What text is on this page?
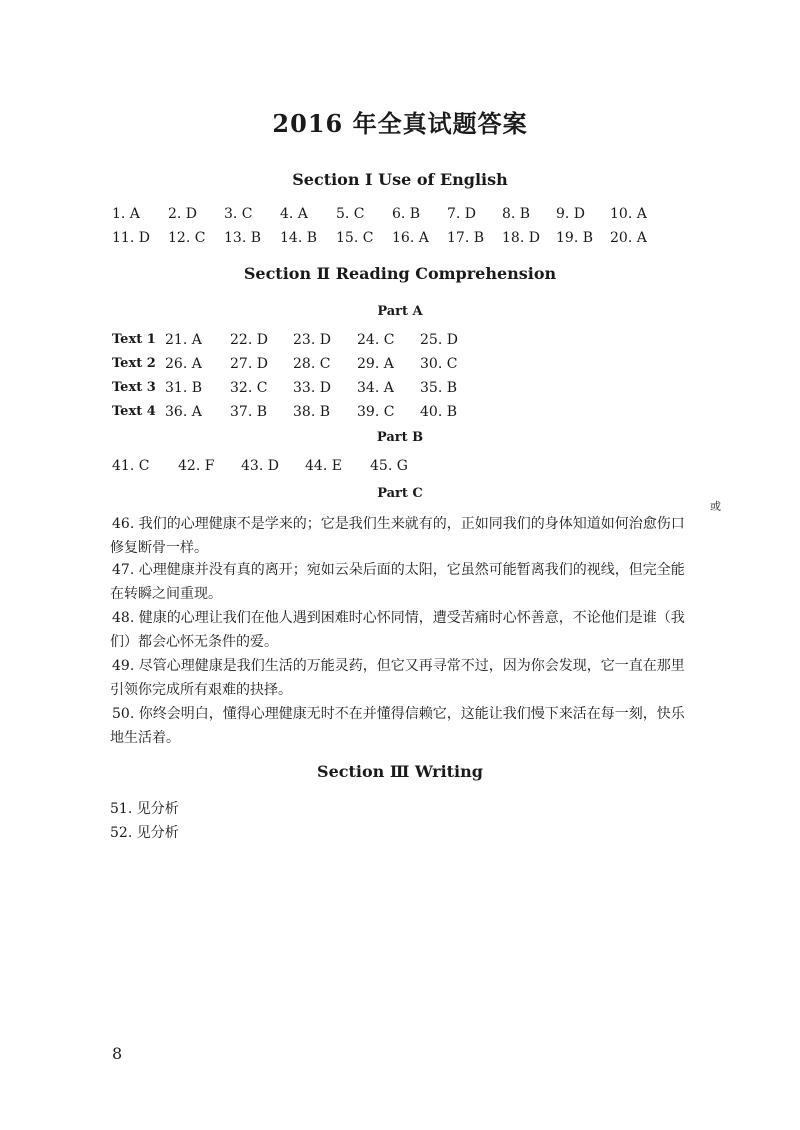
2016 年全真试题答案
Section Ⅰ Use of English
1. A 2. D 3. C 4. A 5. C 6. B 7. D 8. B 9. D 10. A
11. D 12. C 13. B 14. B 15. C 16. A 17. B 18. D 19. B 20. A
Section Ⅱ Reading Comprehension
Part A
Text 1 21. A 22. D 23. D 24. C 25. D
Text 2 26. A 27. D 28. C 29. A 30. C
Text 3 31. B 32. C 33. D 34. A 35. B
Text 4 36. A 37. B 38. B 39. C 40. B
Part B
41. C 42. F 43. D 44. E 45. G
Part C
或
46. 我们的心理健康不是学来的；它是我们生来就有的，正如同我们的身体知道如何治愈伤口修复断骨一样。
47. 心理健康并没有真的离开；宛如云朵后面的太阳，它虽然可能暂离我们的视线，但完全能在转瞬之间重现。
48. 健康的心理让我们在他人遇到困难时心怀同情，遭受苦痛时心怀善意，不论他们是谁（我们）都会心怀无条件的爱。
49. 尽管心理健康是我们生活的万能灵药，但它又再寻常不过，因为你会发现，它一直在那里引领你完成所有艰难的抉择。
50. 你终会明白，懂得心理健康无时不在并懂得信赖它，这能让我们慢下来活在每一刻，快乐地生活着。
Section Ⅲ Writing
51. 见分析
52. 见分析
8
